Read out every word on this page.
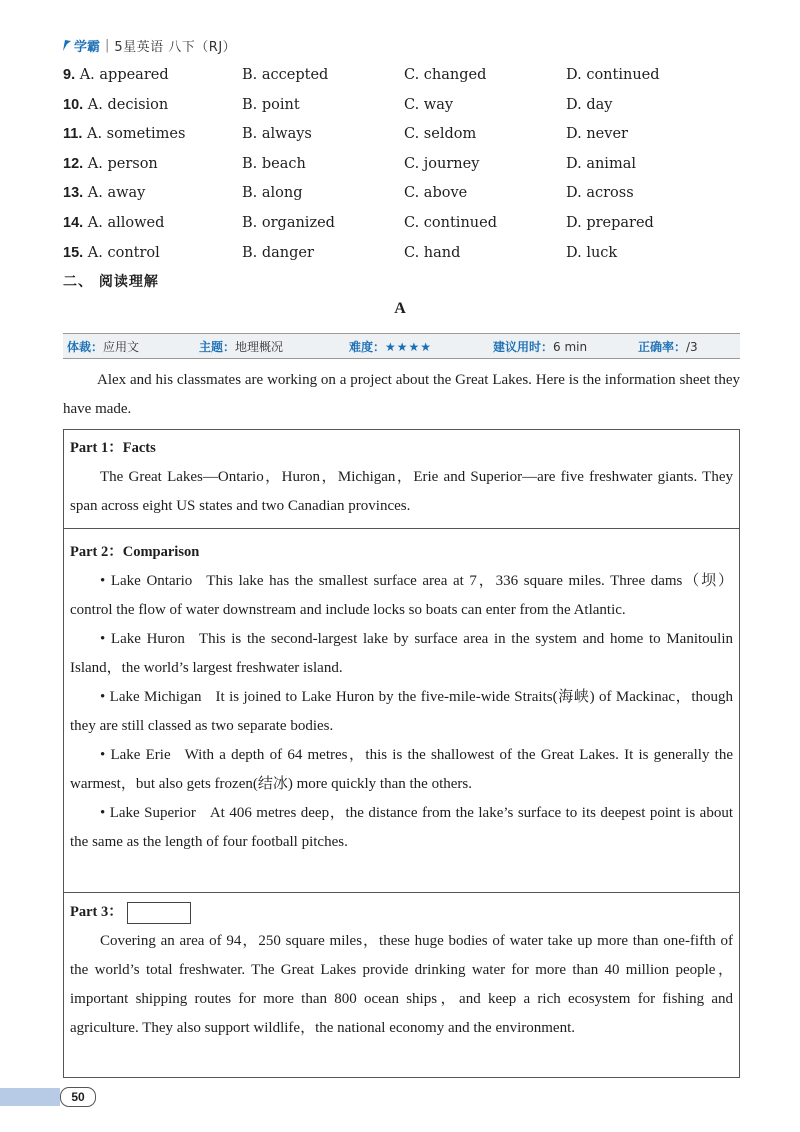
学霸 | 5星英语 八下（RJ）
9. A. appeared	B. accepted	C. changed	D. continued
10. A. decision	B. point	C. way	D. day
11. A. sometimes	B. always	C. seldom	D. never
12. A. person	B. beach	C. journey	D. animal
13. A. away	B. along	C. above	D. across
14. A. allowed	B. organized	C. continued	D. prepared
15. A. control	B. danger	C. hand	D. luck
二、 阅读理解
A
体裁：应用文	主题：地理概况	难度：★★★★	建议用时：6 min	正确率：/3
Alex and his classmates are working on a project about the Great Lakes. Here is the information sheet they have made.
Part 1：Facts

The Great Lakes—Ontario，Huron，Michigan，Erie and Superior—are five freshwater giants. They span across eight US states and two Canadian provinces.

Part 2：Comparison

• Lake Ontario This lake has the smallest surface area at 7，336 square miles. Three dams（坝） control the flow of water downstream and include locks so boats can enter from the Atlantic.

• Lake Huron This is the second-largest lake by surface area in the system and home to Manitoulin Island，the world’s largest freshwater island.

• Lake Michigan It is joined to Lake Huron by the five-mile-wide Straits(海峡) of Mackinac，though they are still classed as two separate bodies.

• Lake Erie With a depth of 64 metres，this is the shallowest of the Great Lakes. It is generally the warmest，but also gets frozen(结冰) more quickly than the others.

• Lake Superior At 406 metres deep，the distance from the lake’s surface to its deepest point is about the same as the length of four football pitches.

Part 3：

Covering an area of 94，250 square miles，these huge bodies of water take up more than one-fifth of the world’s total freshwater. The Great Lakes provide drinking water for more than 40 million people，important shipping routes for more than 800 ocean ships，and keep a rich ecosystem for fishing and agriculture. They also support wildlife，the national economy and the environment.

50
